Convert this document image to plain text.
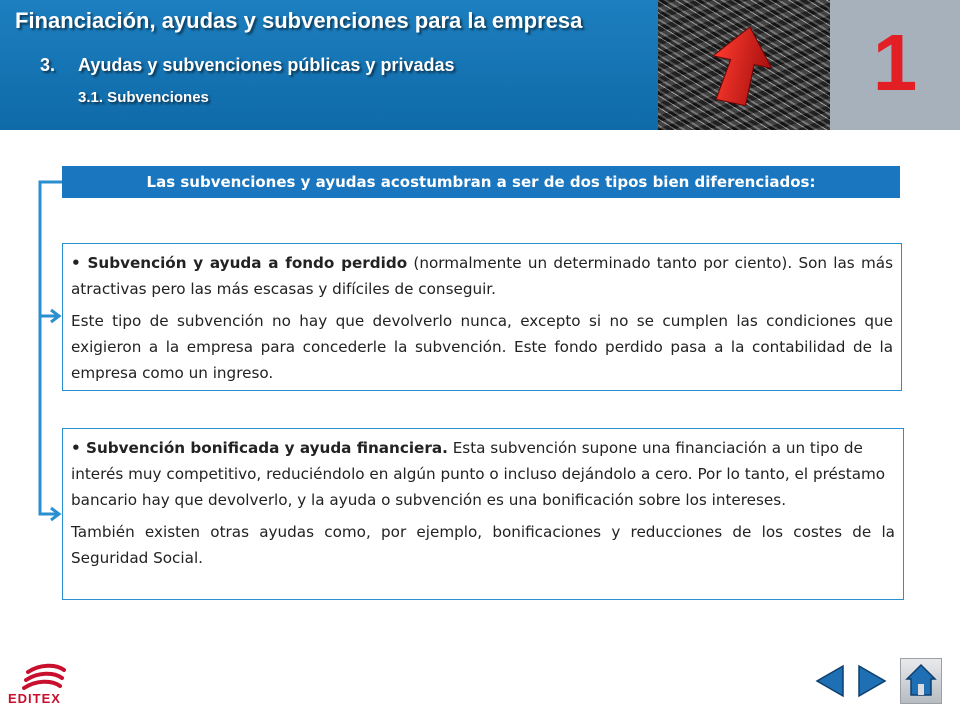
Financiación, ayudas y subvenciones para la empresa
3. Ayudas y subvenciones públicas y privadas
3.1. Subvenciones	1
Las subvenciones y ayudas acostumbran a ser de dos tipos bien diferenciados:

• Subvención y ayuda a fondo perdido (normalmente un determinado tanto por ciento). Son las más atractivas pero las más escasas y difíciles de conseguir.

Este tipo de subvención no hay que devolverlo nunca, excepto si no se cumplen las condiciones que exigieron a la empresa para concederle la subvención. Este fondo perdido pasa a la contabilidad de la empresa como un ingreso.

• Subvención bonificada y ayuda financiera. Esta subvención supone una financiación a un tipo de interés muy competitivo, reduciéndolo en algún punto o incluso dejándolo a cero. Por lo tanto, el préstamo bancario hay que devolverlo, y la ayuda o subvención es una bonificación sobre los intereses.

También existen otras ayudas como, por ejemplo, bonificaciones y reducciones de los costes de la Seguridad Social.

EDITEX
